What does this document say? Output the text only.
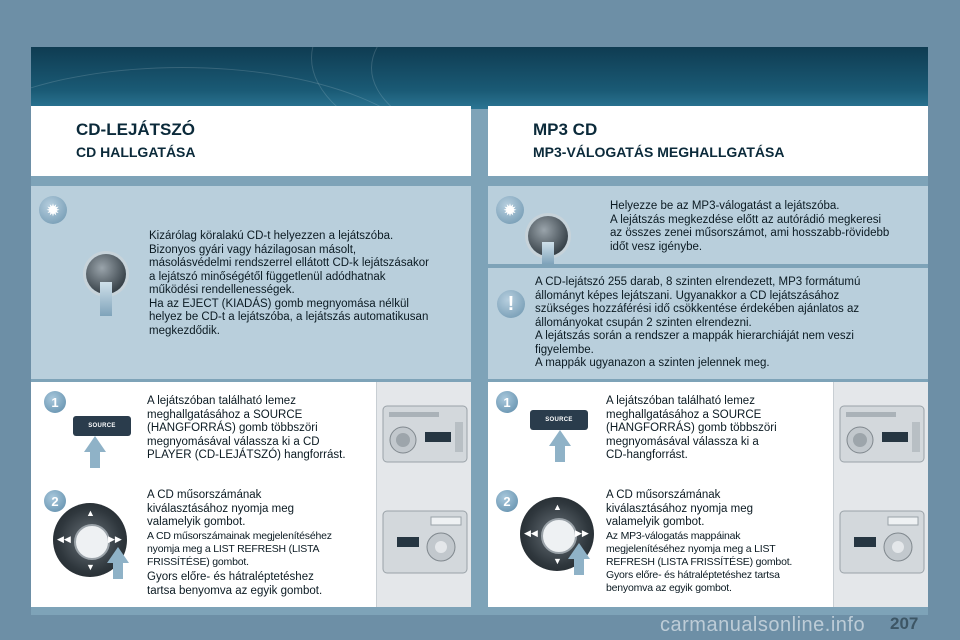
CD-LEJÁTSZÓ
CD HALLGATÁSA
✹

Kizárólag köralakú CD-t helyezzen a lejátszóba.

Bizonyos gyári vagy házilagosan másolt,

másolásvédelmi rendszerrel ellátott CD-k lejátszásakor

a lejátszó minőségétől függetlenül adódhatnak

működési rendellenességek.

Ha az EJECT (KIADÁS) gomb megnyomása nélkül

helyez be CD-t a lejátszóba, a lejátszás automatikusan

megkezdődik.

1
SOURCE

A lejátszóban található lemez

meghallgatásához a SOURCE

(HANGFORRÁS) gomb többszöri

megnyomásával válassza ki a CD

PLAYER (CD-LEJÁTSZÓ) hangforrást.

2
▲
▼
◀◀	▶▶

A CD műsorszámának

kiválasztásához nyomja meg

valamelyik gombot.

A CD műsorszámainak megjelenítéséhez

nyomja meg a LIST REFRESH (LISTA

FRISSÍTÉSE) gombot.

Gyors előre- és hátraléptetéshez

tartsa benyomva az egyik gombot.

MP3 CD
MP3-VÁLOGATÁS MEGHALLGATÁSA
✹	Helyezze be az MP3-válogatást a lejátszóba.

A lejátszás megkezdése előtt az autórádió megkeresi

az összes zenei műsorszámot, ami hosszabb-rövidebb

időt vesz igénybe.

!

A CD-lejátszó 255 darab, 8 szinten elrendezett, MP3 formátumú

állományt képes lejátszani. Ugyanakkor a CD lejátszásához

szükséges hozzáférési idő csökkentése érdekében ajánlatos az

állományokat csupán 2 szinten elrendezni.

A lejátszás során a rendszer a mappák hierarchiáját nem veszi

figyelembe.

A mappák ugyanazon a szinten jelennek meg.

1
SOURCE

A lejátszóban található lemez

meghallgatásához a SOURCE

(HANGFORRÁS) gomb többszöri

megnyomásával válassza ki a

CD-hangforrást.

2	▲
▼
◀◀	▶▶

A CD műsorszámának

kiválasztásához nyomja meg

valamelyik gombot.

Az MP3-válogatás mappáinak

megjelenítéséhez nyomja meg a LIST

REFRESH (LISTA FRISSÍTÉSE) gombot.

Gyors előre- és hátraléptetéshez tartsa

benyomva az egyik gombot.

carmanualsonline.info 207
